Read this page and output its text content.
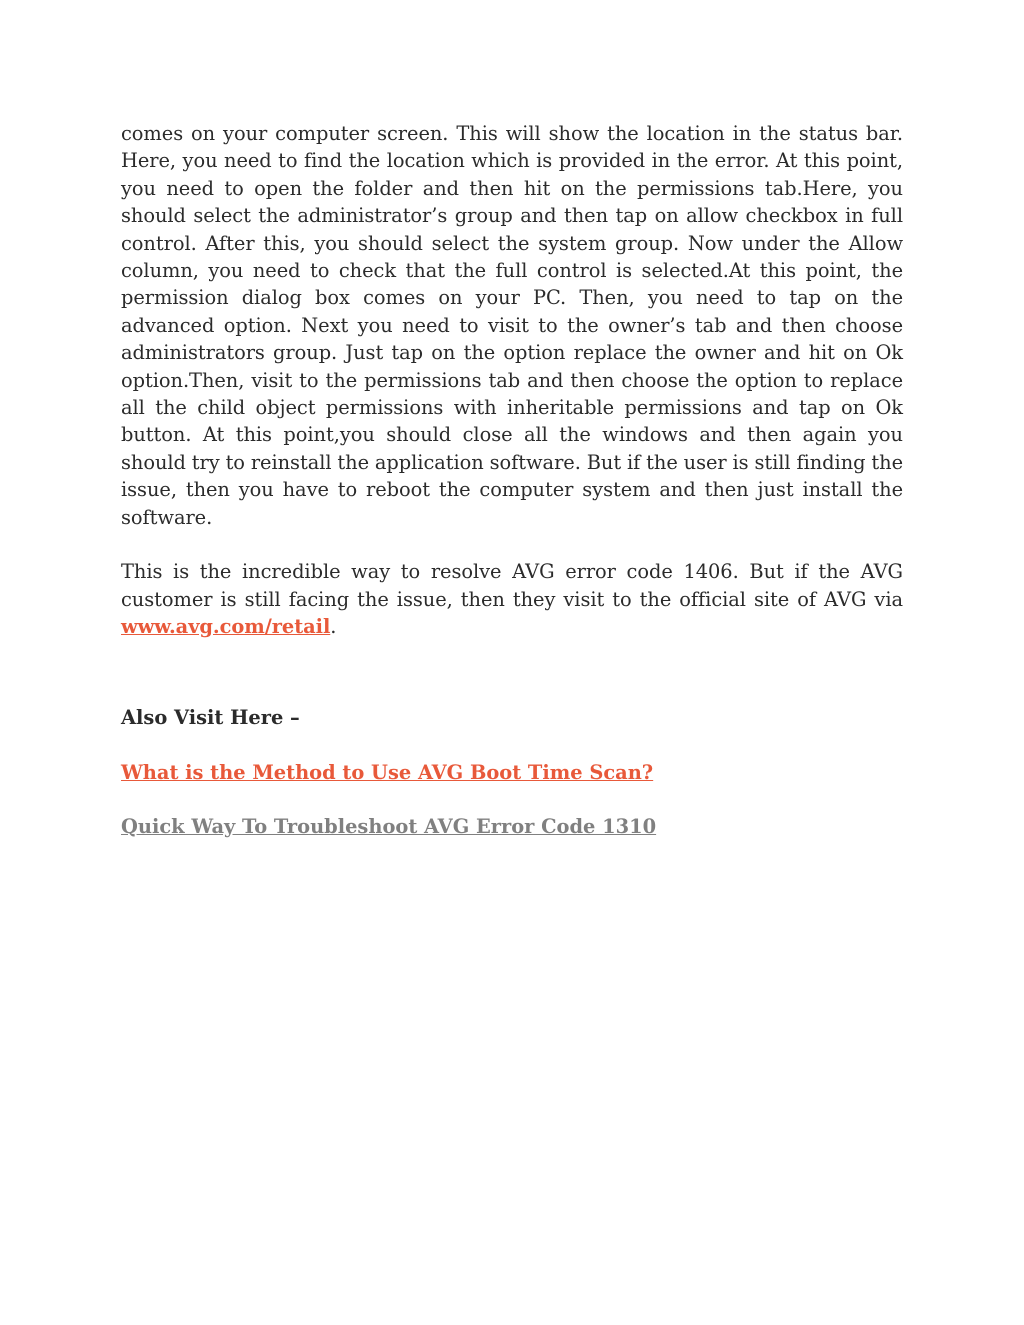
comes on your computer screen. This will show the location in the status bar. Here, you need to find the location which is provided in the error. At this point, you need to open the folder and then hit on the permissions tab.Here, you should select the administrator’s group and then tap on allow checkbox in full control. After this, you should select the system group. Now under the Allow column, you need to check that the full control is selected.At this point, the permission dialog box comes on your PC. Then, you need to tap on the advanced option. Next you need to visit to the owner’s tab and then choose administrators group. Just tap on the option replace the owner and hit on Ok option.Then, visit to the permissions tab and then choose the option to replace all the child object permissions with inheritable permissions and tap on Ok button. At this point,you should close all the windows and then again you should try to reinstall the application software. But if the user is still finding the issue, then you have to reboot the computer system and then just install the software.

This is the incredible way to resolve AVG error code 1406. But if the AVG customer is still facing the issue, then they visit to the official site of AVG via www.avg.com/retail.

Also Visit Here –

What is the Method to Use AVG Boot Time Scan?
Quick Way To Troubleshoot AVG Error Code 1310
